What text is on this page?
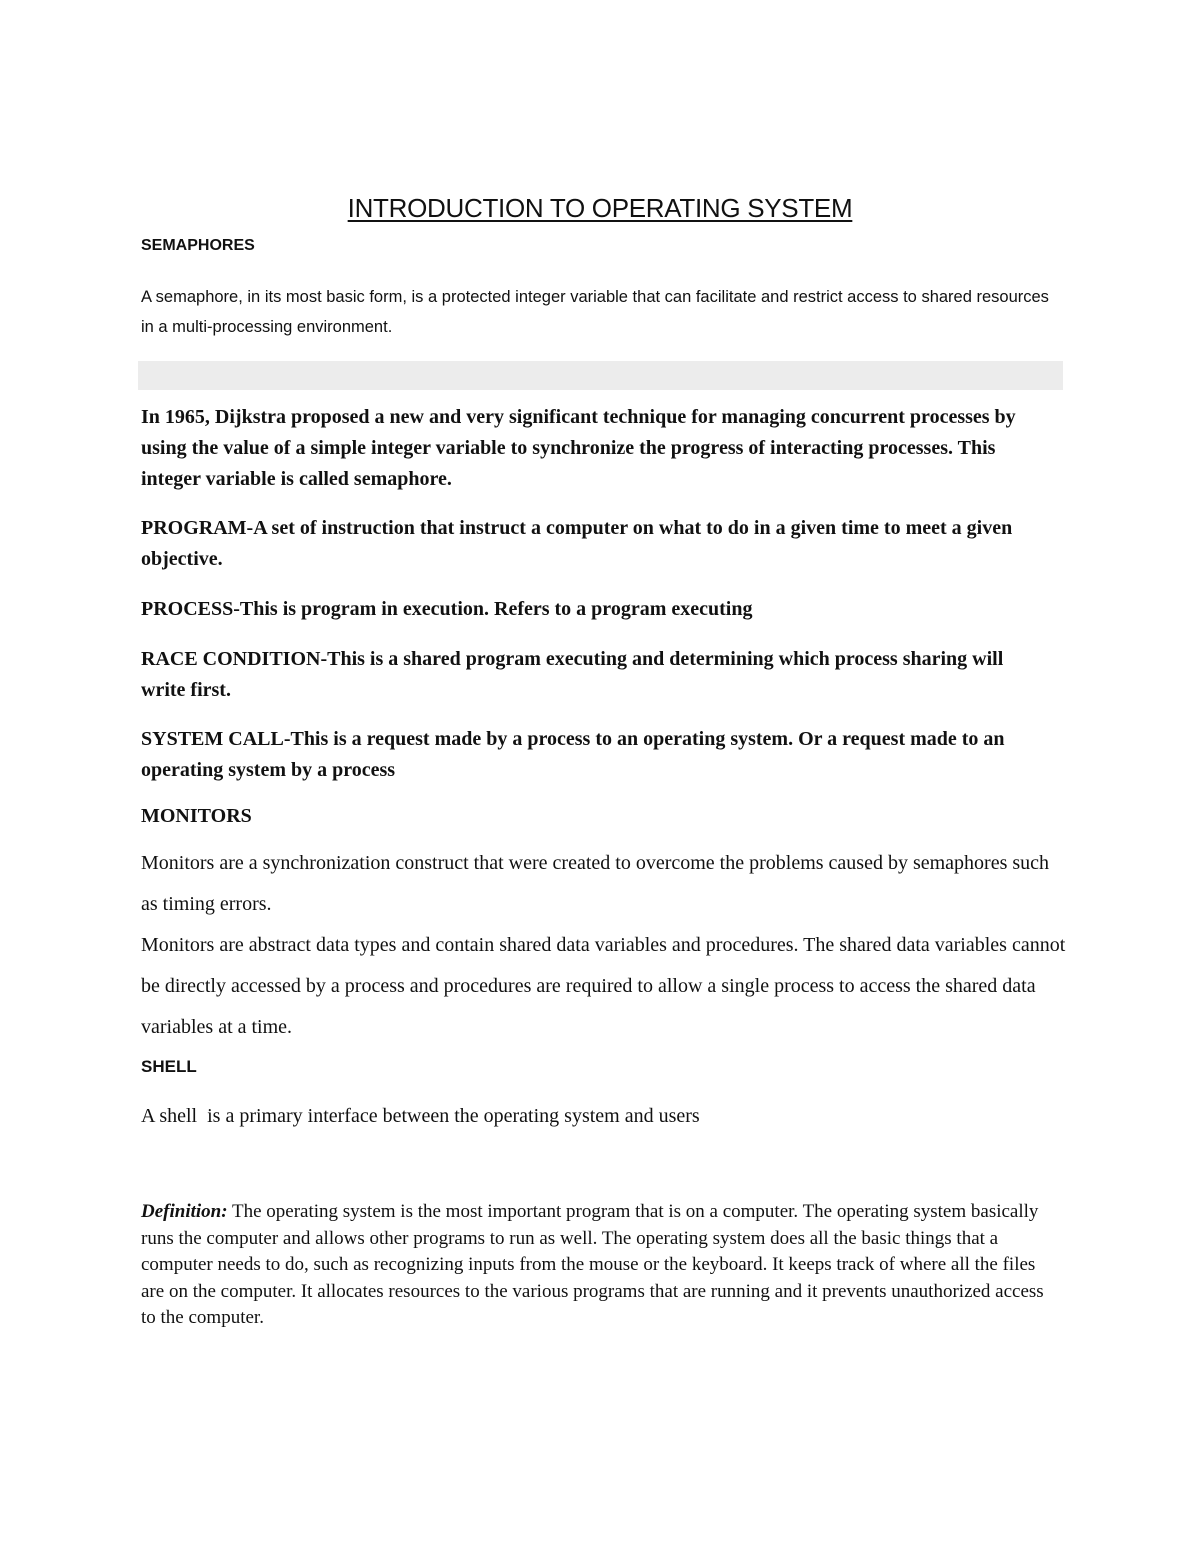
INTRODUCTION TO OPERATING SYSTEM
SEMAPHORES
A semaphore, in its most basic form, is a protected integer variable that can facilitate and restrict access to shared resources in a multi-processing environment.
In 1965, Dijkstra proposed a new and very significant technique for managing concurrent processes by using the value of a simple integer variable to synchronize the progress of interacting processes. This integer variable is called semaphore.
PROGRAM-A set of instruction that instruct a computer on what to do in a given time to meet a given objective.
PROCESS-This is program in execution. Refers to a program executing
RACE CONDITION-This is a shared program executing and determining which process sharing will write first.
SYSTEM CALL-This is a request made by a process to an operating system. Or a request made to an operating system by a process
MONITORS
Monitors are a synchronization construct that were created to overcome the problems caused by semaphores such as timing errors.
Monitors are abstract data types and contain shared data variables and procedures. The shared data variables cannot be directly accessed by a process and procedures are required to allow a single process to access the shared data variables at a time.
SHELL
A shell  is a primary interface between the operating system and users
Definition: The operating system is the most important program that is on a computer. The operating system basically runs the computer and allows other programs to run as well. The operating system does all the basic things that a computer needs to do, such as recognizing inputs from the mouse or the keyboard. It keeps track of where all the files are on the computer. It allocates resources to the various programs that are running and it prevents unauthorized access to the computer.
